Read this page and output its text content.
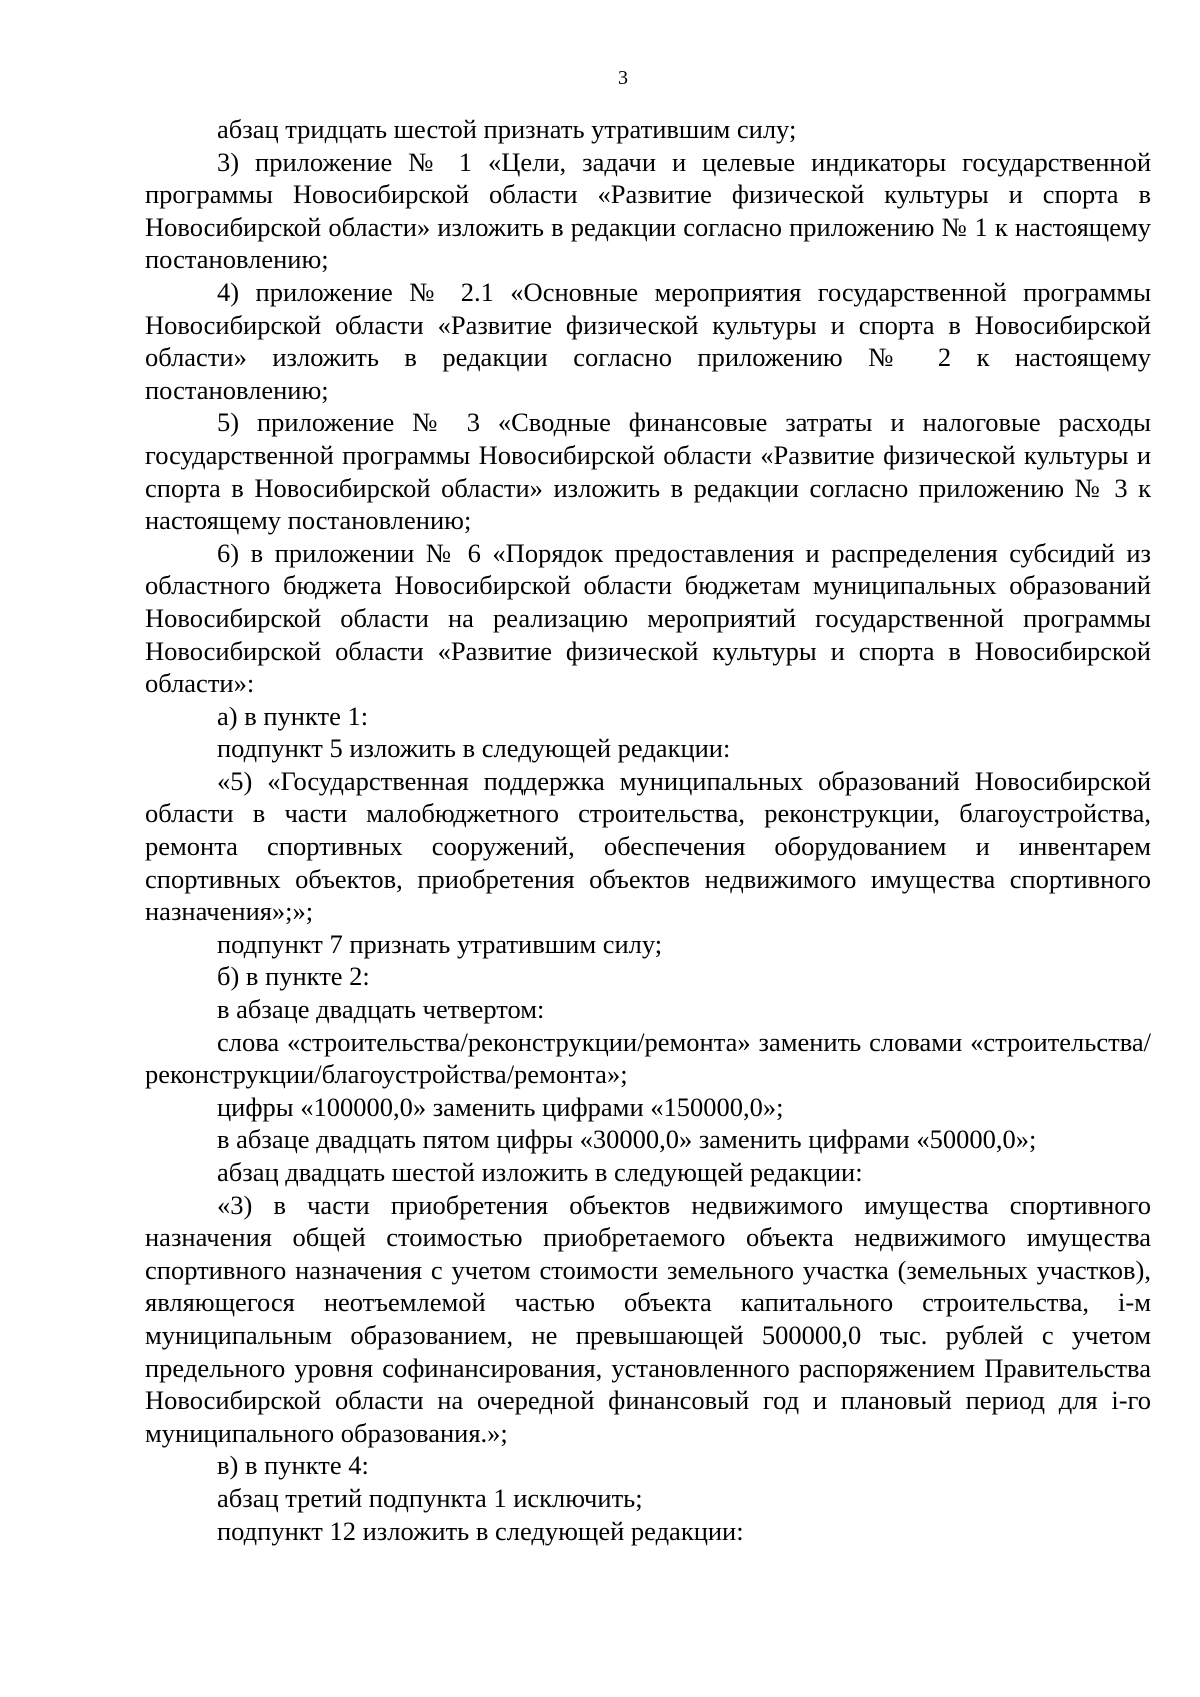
3

абзац тридцать шестой признать утратившим силу;

3) приложение № 1 «Цели, задачи и целевые индикаторы государственной программы Новосибирской области «Развитие физической культуры и спорта в Новосибирской области» изложить в редакции согласно приложению № 1 к настоящему постановлению;

4) приложение № 2.1 «Основные мероприятия государственной программы Новосибирской области «Развитие физической культуры и спорта в Новосибирской области» изложить в редакции согласно приложению № 2 к настоящему постановлению;

5) приложение № 3 «Сводные финансовые затраты и налоговые расходы государственной программы Новосибирской области «Развитие физической культуры и спорта в Новосибирской области» изложить в редакции согласно приложению № 3 к настоящему постановлению;

6) в приложении № 6 «Порядок предоставления и распределения субсидий из областного бюджета Новосибирской области бюджетам муниципальных образований Новосибирской области на реализацию мероприятий государственной программы Новосибирской области «Развитие физической культуры и спорта в Новосибирской области»:

а) в пункте 1:

подпункт 5 изложить в следующей редакции:

«5) «Государственная поддержка муниципальных образований Новосибирской области в части малобюджетного строительства, реконструкции, благоустройства, ремонта спортивных сооружений, обеспечения оборудованием и инвентарем спортивных объектов, приобретения объектов недвижимого имущества спортивного назначения»;»;

подпункт 7 признать утратившим силу;

б) в пункте 2:

в абзаце двадцать четвертом:

слова «строительства/реконструкции/ремонта» заменить словами «строительства/реконструкции/благоустройства/ремонта»;

цифры «100000,0» заменить цифрами «150000,0»;

в абзаце двадцать пятом цифры «30000,0» заменить цифрами «50000,0»;

абзац двадцать шестой изложить в следующей редакции:

«3) в части приобретения объектов недвижимого имущества спортивного назначения общей стоимостью приобретаемого объекта недвижимого имущества спортивного назначения с учетом стоимости земельного участка (земельных участков), являющегося неотъемлемой частью объекта капитального строительства, i-м муниципальным образованием, не превышающей 500000,0 тыс. рублей с учетом предельного уровня софинансирования, установленного распоряжением Правительства Новосибирской области на очередной финансовый год и плановый период для i-го муниципального образования.»;

в) в пункте 4:

абзац третий подпункта 1 исключить;

подпункт 12 изложить в следующей редакции:
